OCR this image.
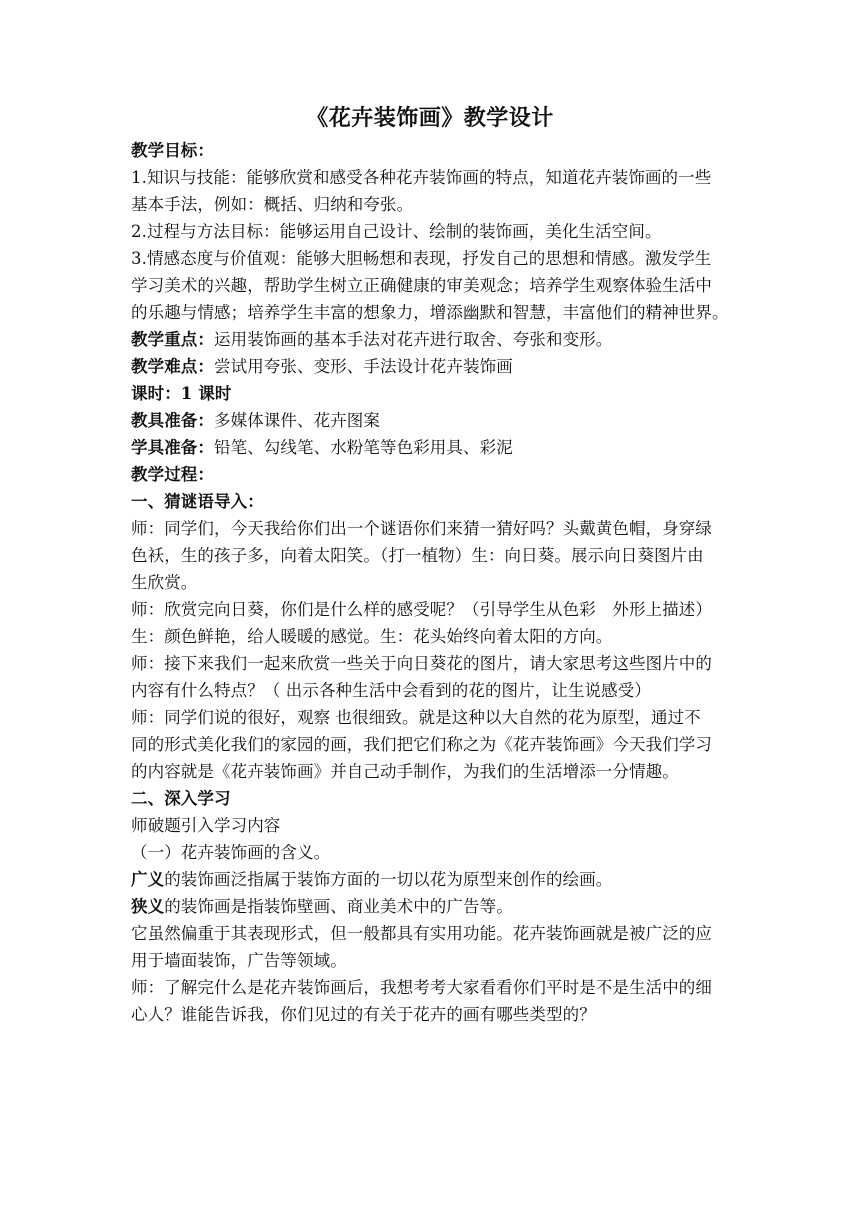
《花卉装饰画》教学设计
教学目标：
1.知识与技能：能够欣赏和感受各种花卉装饰画的特点，知道花卉装饰画的一些
基本手法，例如：概括、归纳和夸张。
2.过程与方法目标：能够运用自己设计、绘制的装饰画，美化生活空间。
3.情感态度与价值观：能够大胆畅想和表现，抒发自己的思想和情感。激发学生
学习美术的兴趣，帮助学生树立正确健康的审美观念；培养学生观察体验生活中
的乐趣与情感；培养学生丰富的想象力，增添幽默和智慧，丰富他们的精神世界。
教学重点：运用装饰画的基本手法对花卉进行取舍、夸张和变形。
教学难点：尝试用夸张、变形、手法设计花卉装饰画
课时：1 课时
教具准备：多媒体课件、花卉图案
学具准备：铅笔、勾线笔、水粉笔等色彩用具、彩泥
教学过程：
一、猜谜语导入：
师：同学们，今天我给你们出一个谜语你们来猜一猜好吗？头戴黄色帽，身穿绿
色袄，生的孩子多，向着太阳笑。（打一植物）生：向日葵。展示向日葵图片由
生欣赏。
师：欣赏完向日葵，你们是什么样的感受呢？（引导学生从色彩　外形上描述）
生：颜色鲜艳，给人暖暖的感觉。生：花头始终向着太阳的方向。
师：接下来我们一起来欣赏一些关于向日葵花的图片，请大家思考这些图片中的
内容有什么特点？（ 出示各种生活中会看到的花的图片，让生说感受）
师：同学们说的很好，观察 也很细致。就是这种以大自然的花为原型，通过不
同的形式美化我们的家园的画，我们把它们称之为《花卉装饰画》今天我们学习
的内容就是《花卉装饰画》并自己动手制作，为我们的生活增添一分情趣。
二、深入学习
师破题引入学习内容
（一）花卉装饰画的含义。
广义的装饰画泛指属于装饰方面的一切以花为原型来创作的绘画。
狭义的装饰画是指装饰壁画、商业美术中的广告等。
它虽然偏重于其表现形式，但一般都具有实用功能。花卉装饰画就是被广泛的应
用于墙面装饰，广告等领域。
师：了解完什么是花卉装饰画后，我想考考大家看看你们平时是不是生活中的细
心人？谁能告诉我，你们见过的有关于花卉的画有哪些类型的？
